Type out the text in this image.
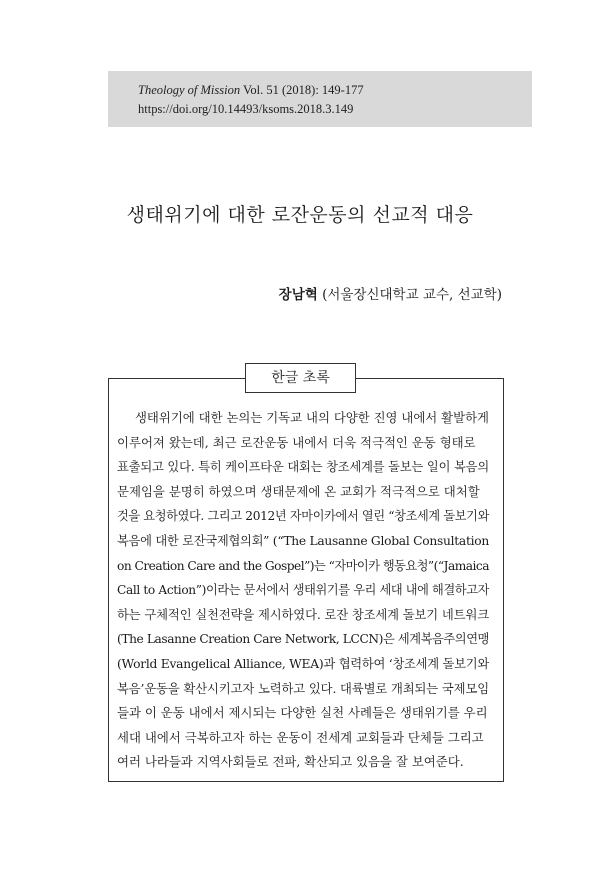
Theology of Mission Vol. 51 (2018): 149-177
https://doi.org/10.14493/ksoms.2018.3.149
생태위기에 대한 로잔운동의 선교적 대응
장남혁 (서울장신대학교 교수, 선교학)
한글 초록
생태위기에 대한 논의는 기독교 내의 다양한 진영 내에서 활발하게
이루어져 왔는데, 최근 로잔운동 내에서 더욱 적극적인 운동 형태로
표출되고 있다. 특히 케이프타운 대회는 창조세계를 돌보는 일이 복음의
문제임을 분명히 하였으며 생태문제에 온 교회가 적극적으로 대처할
것을 요청하였다. 그리고 2012년 자마이카에서 열린 “창조세계 돌보기와
복음에 대한 로잔국제협의회” (“The Lausanne Global Consultation
on Creation Care and the Gospel”)는 “자마이카 행동요청”(“Jamaica
Call to Action”)이라는 문서에서 생태위기를 우리 세대 내에 해결하고자
하는 구체적인 실천전략을 제시하였다. 로잔 창조세계 돌보기 네트워크
(The Lasanne Creation Care Network, LCCN)은 세계복음주의연맹
(World Evangelical Alliance, WEA)과 협력하여 ‘창조세계 돌보기와
복음’운동을 확산시키고자 노력하고 있다. 대륙별로 개최되는 국제모임
들과 이 운동 내에서 제시되는 다양한 실천 사례들은 생태위기를 우리
세대 내에서 극복하고자 하는 운동이 전세계 교회들과 단체들 그리고
여러 나라들과 지역사회들로 전파, 확산되고 있음을 잘 보여준다.
